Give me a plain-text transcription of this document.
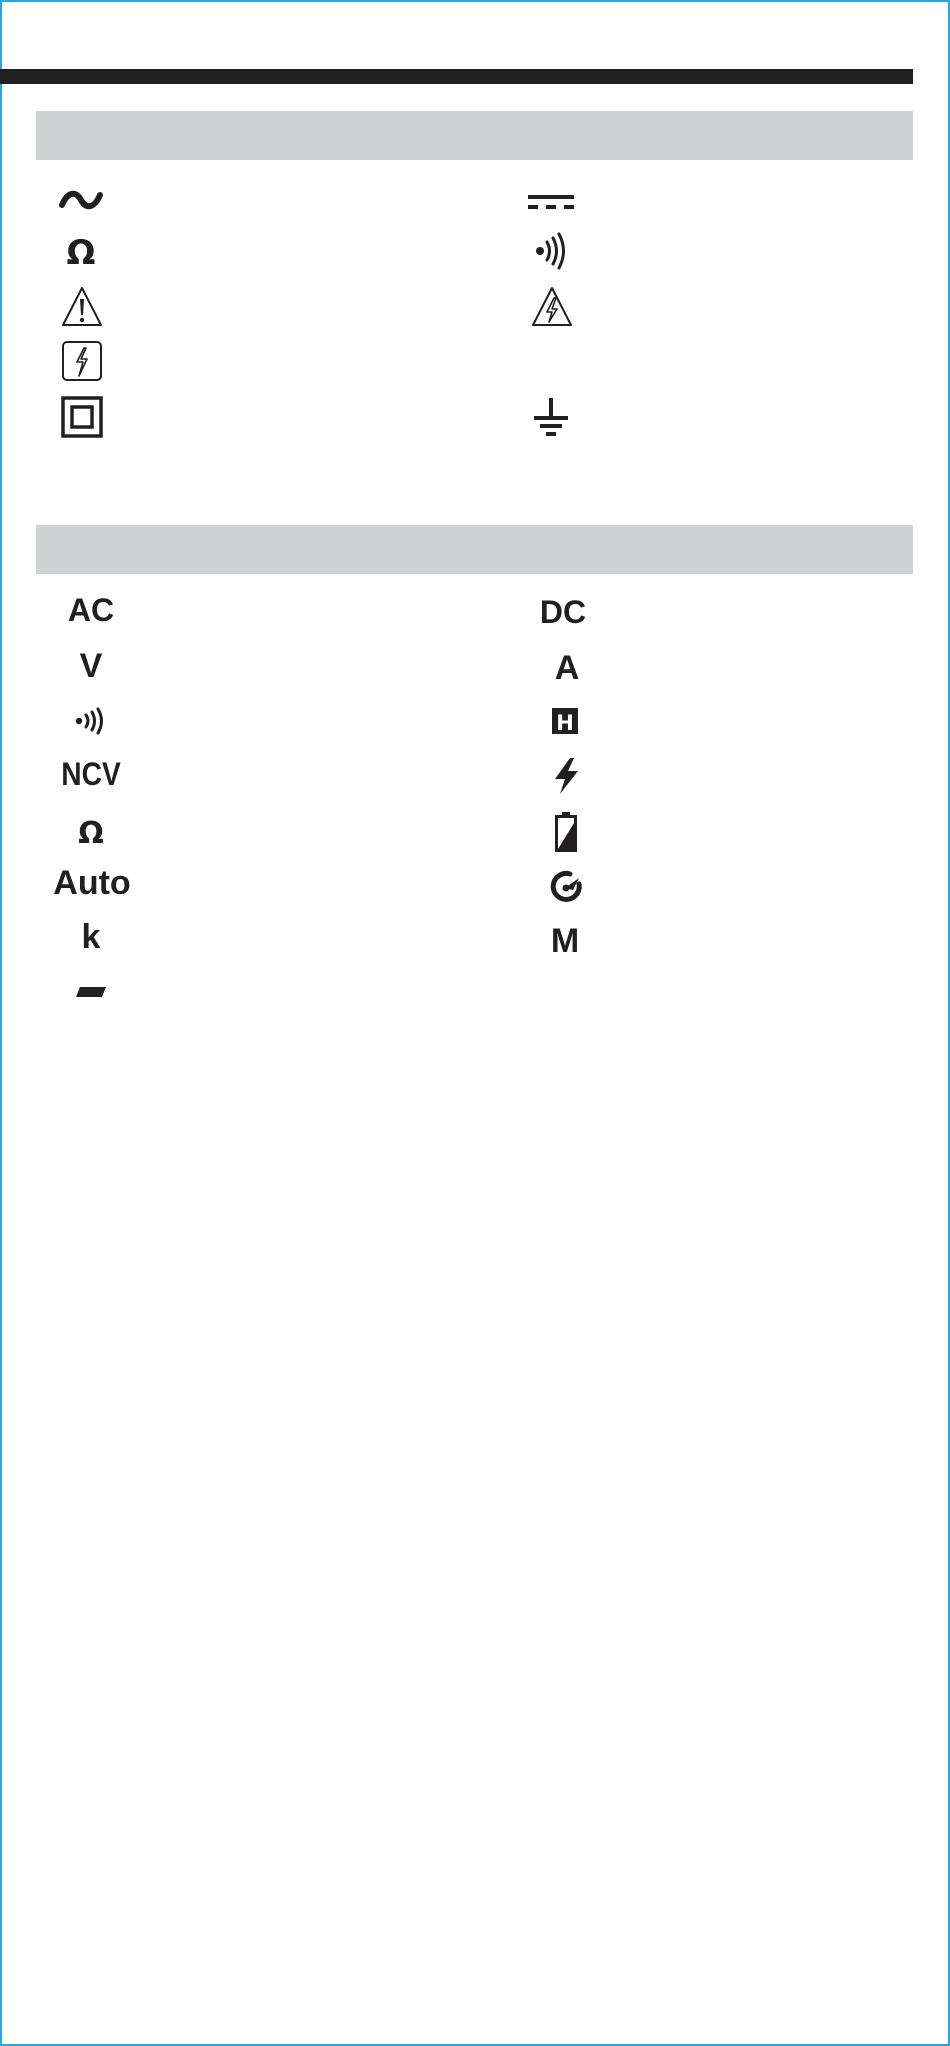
Ω
AC
V
NCV
Ω
Auto
k
DC
A
H
M
